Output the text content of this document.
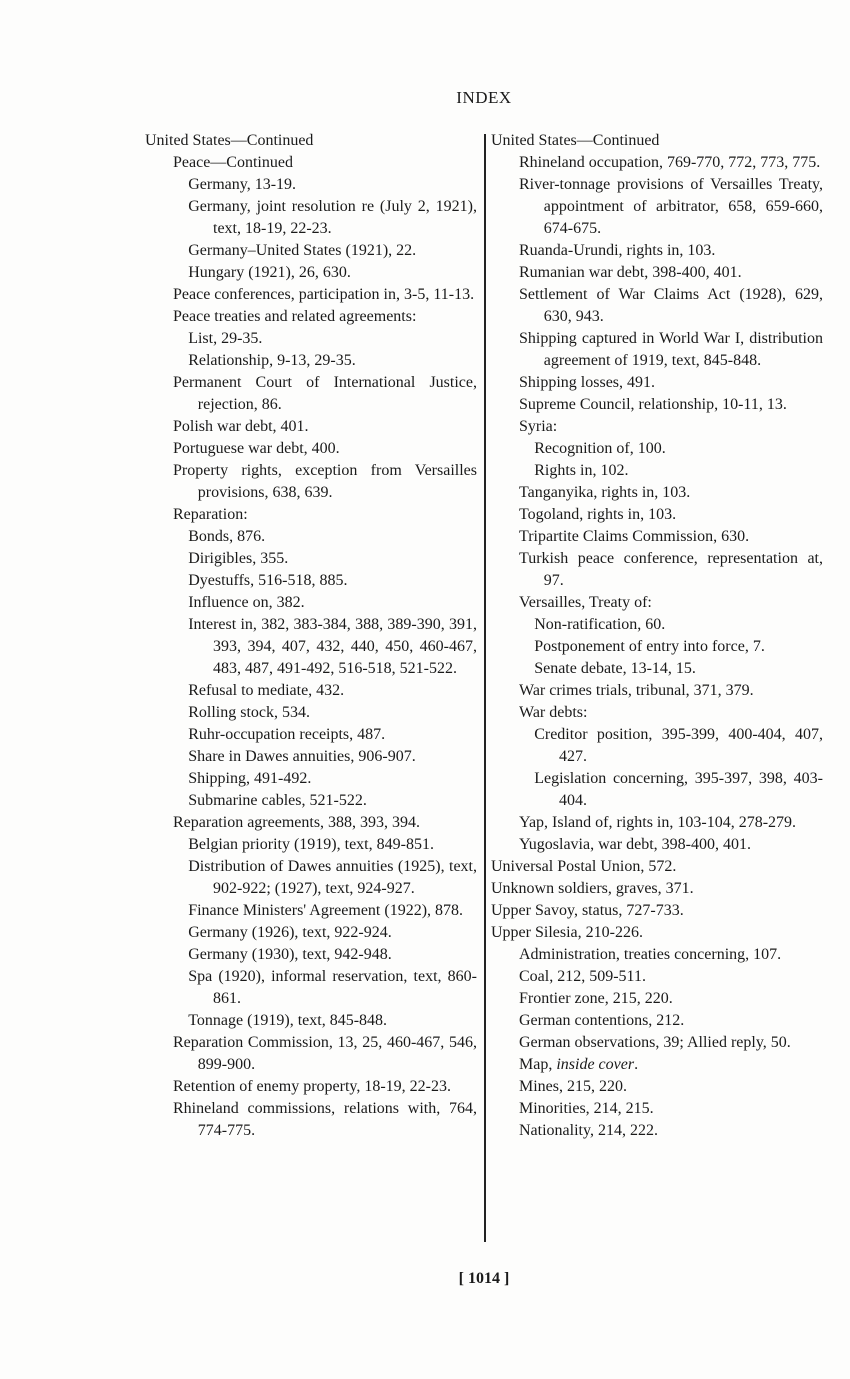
INDEX
United States—Continued
Peace—Continued
Germany, 13-19.
Germany, joint resolution re (July 2, 1921), text, 18-19, 22-23.
Germany–United States (1921), 22.
Hungary (1921), 26, 630.
Peace conferences, participation in, 3-5, 11-13.
Peace treaties and related agreements:
List, 29-35.
Relationship, 9-13, 29-35.
Permanent Court of International Justice, rejection, 86.
Polish war debt, 401.
Portuguese war debt, 400.
Property rights, exception from Versailles provisions, 638, 639.
Reparation:
Bonds, 876.
Dirigibles, 355.
Dyestuffs, 516-518, 885.
Influence on, 382.
Interest in, 382, 383-384, 388, 389-390, 391, 393, 394, 407, 432, 440, 450, 460-467, 483, 487, 491-492, 516-518, 521-522.
Refusal to mediate, 432.
Rolling stock, 534.
Ruhr-occupation receipts, 487.
Share in Dawes annuities, 906-907.
Shipping, 491-492.
Submarine cables, 521-522.
Reparation agreements, 388, 393, 394.
Belgian priority (1919), text, 849-851.
Distribution of Dawes annuities (1925), text, 902-922; (1927), text, 924-927.
Finance Ministers' Agreement (1922), 878.
Germany (1926), text, 922-924.
Germany (1930), text, 942-948.
Spa (1920), informal reservation, text, 860-861.
Tonnage (1919), text, 845-848.
Reparation Commission, 13, 25, 460-467, 546, 899-900.
Retention of enemy property, 18-19, 22-23.
Rhineland commissions, relations with, 764, 774-775.
United States—Continued
Rhineland occupation, 769-770, 772, 773, 775.
River-tonnage provisions of Versailles Treaty, appointment of arbitrator, 658, 659-660, 674-675.
Ruanda-Urundi, rights in, 103.
Rumanian war debt, 398-400, 401.
Settlement of War Claims Act (1928), 629, 630, 943.
Shipping captured in World War I, distribution agreement of 1919, text, 845-848.
Shipping losses, 491.
Supreme Council, relationship, 10-11, 13.
Syria:
Recognition of, 100.
Rights in, 102.
Tanganyika, rights in, 103.
Togoland, rights in, 103.
Tripartite Claims Commission, 630.
Turkish peace conference, representation at, 97.
Versailles, Treaty of:
Non-ratification, 60.
Postponement of entry into force, 7.
Senate debate, 13-14, 15.
War crimes trials, tribunal, 371, 379.
War debts:
Creditor position, 395-399, 400-404, 407, 427.
Legislation concerning, 395-397, 398, 403-404.
Yap, Island of, rights in, 103-104, 278-279.
Yugoslavia, war debt, 398-400, 401.
Universal Postal Union, 572.
Unknown soldiers, graves, 371.
Upper Savoy, status, 727-733.
Upper Silesia, 210-226.
Administration, treaties concerning, 107.
Coal, 212, 509-511.
Frontier zone, 215, 220.
German contentions, 212.
German observations, 39; Allied reply, 50.
Map, inside cover.
Mines, 215, 220.
Minorities, 214, 215.
Nationality, 214, 222.
[ 1014 ]
